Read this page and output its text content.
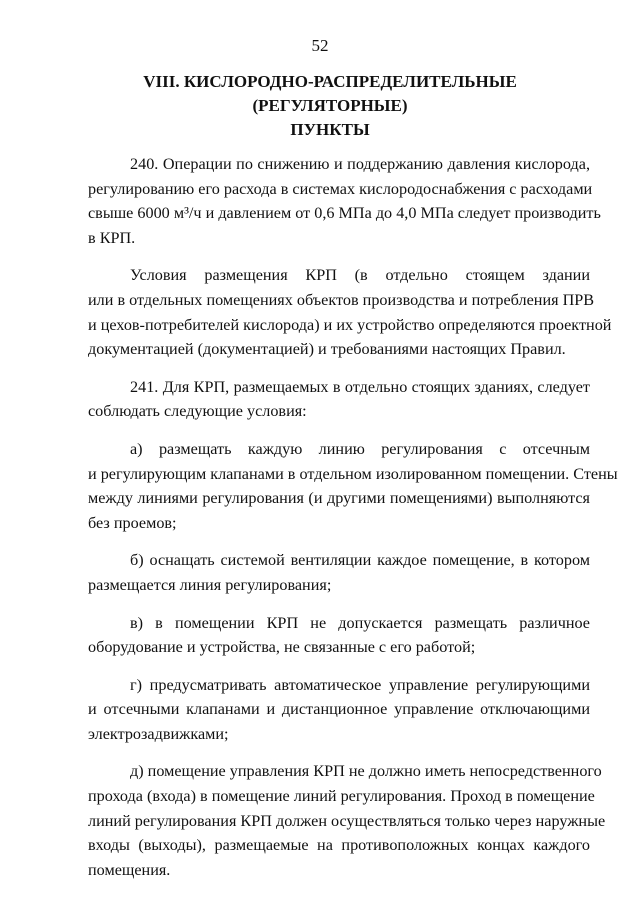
52
VIII. КИСЛОРОДНО-РАСПРЕДЕЛИТЕЛЬНЫЕ (РЕГУЛЯТОРНЫЕ)
ПУНКТЫ
240. Операции по снижению и поддержанию давления кислорода,
регулированию его расхода в системах кислородоснабжения с расходами
свыше 6000 м³/ч и давлением от 0,6 МПа до 4,0 МПа следует производить
в КРП.
Условия размещения КРП (в отдельно стоящем здании
или в отдельных помещениях объектов производства и потребления ПРВ
и цехов-потребителей кислорода) и их устройство определяются проектной
документацией (документацией) и требованиями настоящих Правил.
241. Для КРП, размещаемых в отдельно стоящих зданиях, следует
соблюдать следующие условия:
а) размещать каждую линию регулирования с отсечным
и регулирующим клапанами в отдельном изолированном помещении. Стены
между линиями регулирования (и другими помещениями) выполняются
без проемов;
б) оснащать системой вентиляции каждое помещение, в котором
размещается линия регулирования;
в) в помещении КРП не допускается размещать различное
оборудование и устройства, не связанные с его работой;
г) предусматривать автоматическое управление регулирующими
и отсечными клапанами и дистанционное управление отключающими
электрозадвижками;
д) помещение управления КРП не должно иметь непосредственного
прохода (входа) в помещение линий регулирования. Проход в помещение
линий регулирования КРП должен осуществляться только через наружные
входы (выходы), размещаемые на противоположных концах каждого
помещения.
